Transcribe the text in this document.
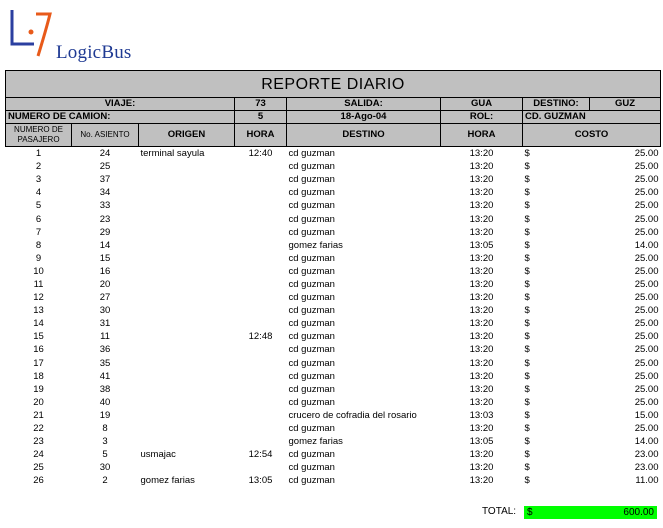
LogicBus
REPORTE DIARIO							
VIAJE:			73	SALIDA:	GUA	DESTINO:	GUZ
NUMERO DE CAMION:			5	18-Ago-04	ROL:	CD. GUZMAN	
NUMERO DE PASAJERO	No. ASIENTO	ORIGEN	HORA	DESTINO	HORA	COSTO	
1	24	terminal sayula	12:40	cd guzman	13:20	$	25.00
2	25			cd guzman	13:20	$	25.00
3	37			cd guzman	13:20	$	25.00
4	34			cd guzman	13:20	$	25.00
5	33			cd guzman	13:20	$	25.00
6	23			cd guzman	13:20	$	25.00
7	29			cd guzman	13:20	$	25.00
8	14			gomez farias	13:05	$	14.00
9	15			cd guzman	13:20	$	25.00
10	16			cd guzman	13:20	$	25.00
11	20			cd guzman	13:20	$	25.00
12	27			cd guzman	13:20	$	25.00
13	30			cd guzman	13:20	$	25.00
14	31			cd guzman	13:20	$	25.00
15	11		12:48	cd guzman	13:20	$	25.00
16	36			cd guzman	13:20	$	25.00
17	35			cd guzman	13:20	$	25.00
18	41			cd guzman	13:20	$	25.00
19	38			cd guzman	13:20	$	25.00
20	40			cd guzman	13:20	$	25.00
21	19			crucero de cofradia del rosario	13:03	$	15.00
22	8			cd guzman	13:20	$	25.00
23	3			gomez farias	13:05	$	14.00
24	5	usmajac	12:54	cd guzman	13:20	$	23.00
25	30			cd guzman	13:20	$	23.00
26	2	gomez farias	13:05	cd guzman	13:20	$	11.00
TOTAL: $	600.00
